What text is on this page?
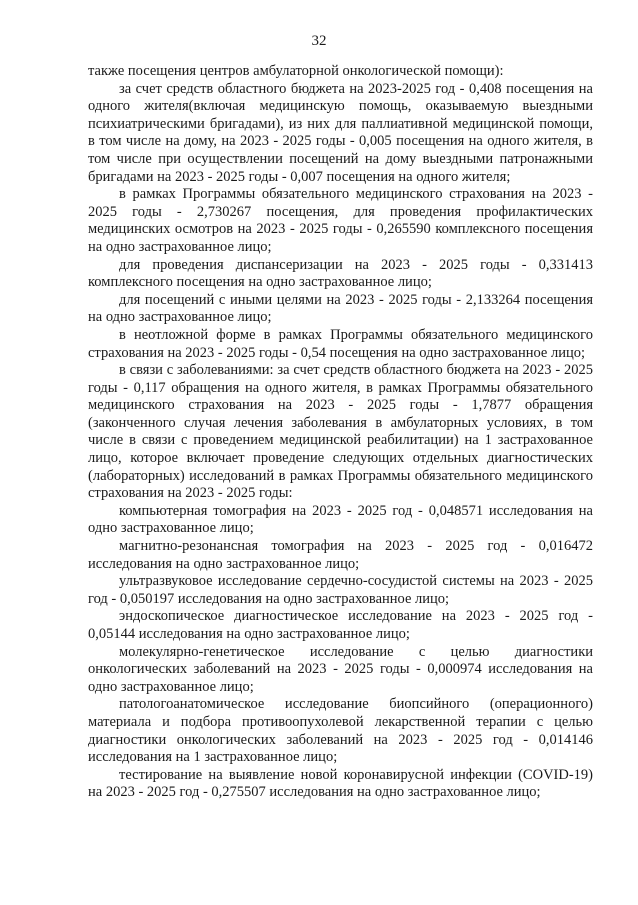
32

также посещения центров амбулаторной онкологической помощи):

за счет средств областного бюджета на 2023-2025 год - 0,408 посещения на одного жителя(включая медицинскую помощь, оказываемую выездными психиатрическими бригадами), из них для паллиативной медицинской помощи, в том числе на дому, на 2023 - 2025 годы - 0,005 посещения на одного жителя, в том числе при осуществлении посещений на дому выездными патронажными бригадами на 2023 - 2025 годы - 0,007 посещения на одного жителя;

в рамках Программы обязательного медицинского страхования на 2023 - 2025 годы - 2,730267 посещения, для проведения профилактических медицинских осмотров на 2023 - 2025 годы - 0,265590 комплексного посещения на одно застрахованное лицо;

для проведения диспансеризации на 2023 - 2025 годы - 0,331413 комплексного посещения на одно застрахованное лицо;

для посещений с иными целями на 2023 - 2025 годы - 2,133264 посещения на одно застрахованное лицо;

в неотложной форме в рамках Программы обязательного медицинского страхования на 2023 - 2025 годы - 0,54 посещения на одно застрахованное лицо;

в связи с заболеваниями: за счет средств областного бюджета на 2023 - 2025 годы - 0,117 обращения на одного жителя, в рамках Программы обязательного медицинского страхования на 2023 - 2025 годы - 1,7877 обращения (законченного случая лечения заболевания в амбулаторных условиях, в том числе в связи с проведением медицинской реабилитации) на 1 застрахованное лицо, которое включает проведение следующих отдельных диагностических (лабораторных) исследований в рамках Программы обязательного медицинского страхования на 2023 - 2025 годы:

компьютерная томография на 2023 - 2025 год - 0,048571 исследования на одно застрахованное лицо;

магнитно-резонансная томография на 2023 - 2025 год - 0,016472 исследования на одно застрахованное лицо;

ультразвуковое исследование сердечно-сосудистой системы на 2023 - 2025 год - 0,050197 исследования на одно застрахованное лицо;

эндоскопическое диагностическое исследование на 2023 - 2025 год - 0,05144 исследования на одно застрахованное лицо;

молекулярно-генетическое исследование с целью диагностики онкологических заболеваний на 2023 - 2025 годы - 0,000974 исследования на одно застрахованное лицо;

патологоанатомическое исследование биопсийного (операционного) материала и подбора противоопухолевой лекарственной терапии с целью диагностики онкологических заболеваний на 2023 - 2025 год - 0,014146 исследования на 1 застрахованное лицо;

тестирование на выявление новой коронавирусной инфекции (COVID-19) на 2023 - 2025 год - 0,275507 исследования на одно застрахованное лицо;
